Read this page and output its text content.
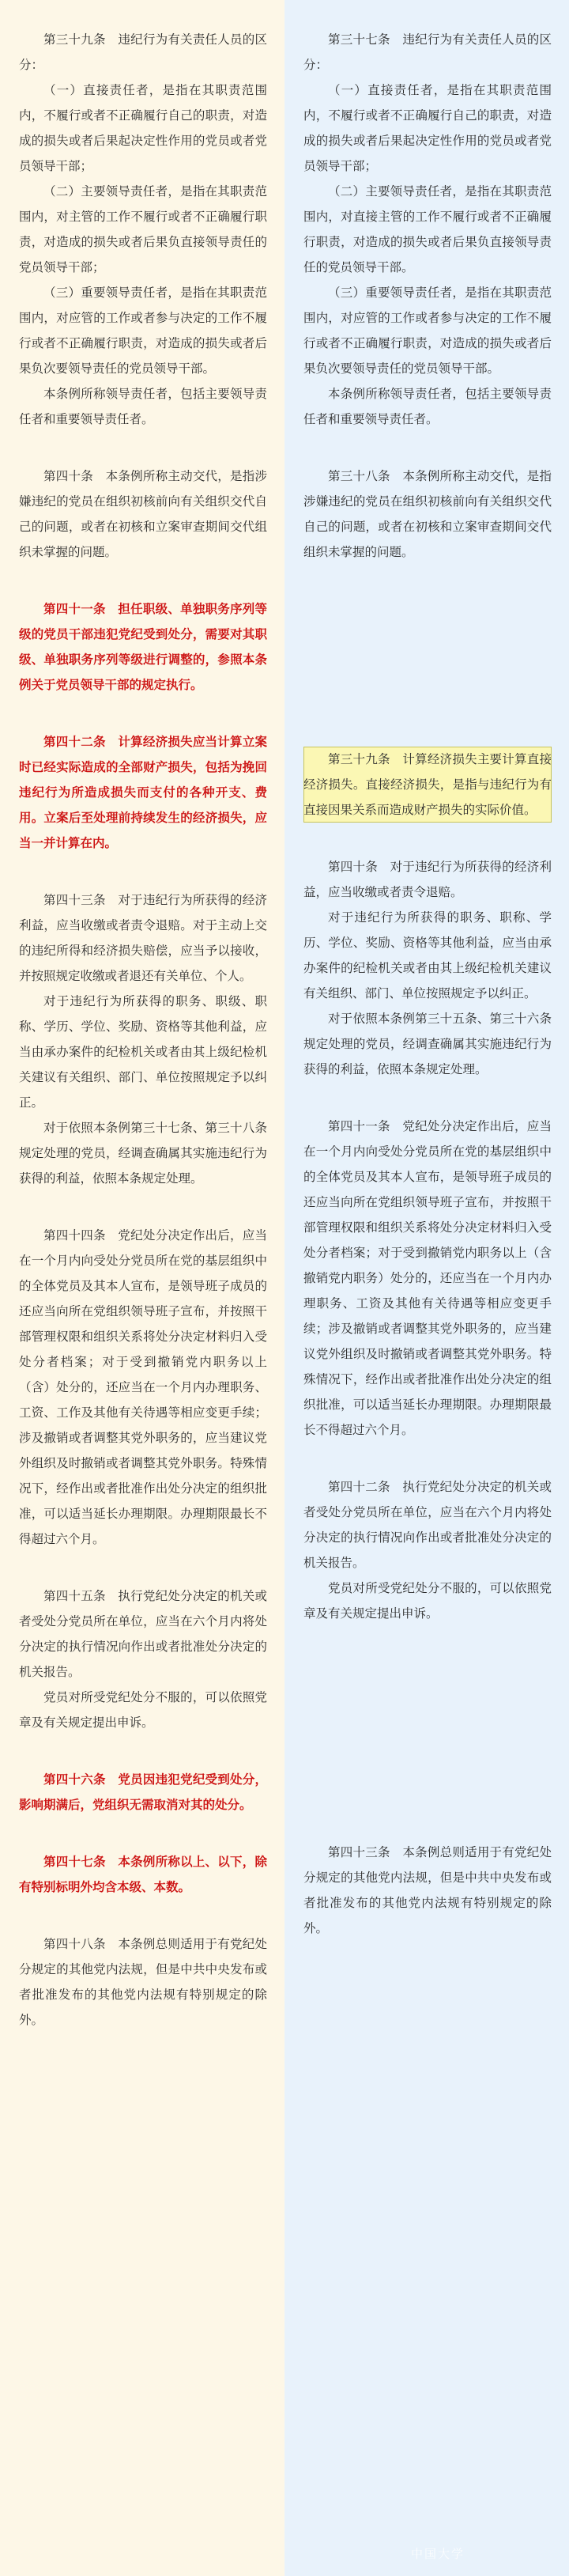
第三十九条　违纪行为有关责任人员的区分：

（一）直接责任者，是指在其职责范围内，不履行或者不正确履行自己的职责，对造成的损失或者后果起决定性作用的党员或者党员领导干部；

（二）主要领导责任者，是指在其职责范围内，对主管的工作不履行或者不正确履行职责，对造成的损失或者后果负直接领导责任的党员领导干部；

（三）重要领导责任者，是指在其职责范围内，对应管的工作或者参与决定的工作不履行或者不正确履行职责，对造成的损失或者后果负次要领导责任的党员领导干部。

本条例所称领导责任者，包括主要领导责任者和重要领导责任者。

第四十条　本条例所称主动交代，是指涉嫌违纪的党员在组织初核前向有关组织交代自己的问题，或者在初核和立案审查期间交代组织未掌握的问题。

第四十一条　担任职级、单独职务序列等级的党员干部违犯党纪受到处分，需要对其职级、单独职务序列等级进行调整的，参照本条例关于党员领导干部的规定执行。

第四十二条　计算经济损失应当计算立案时已经实际造成的全部财产损失，包括为挽回违纪行为所造成损失而支付的各种开支、费用。立案后至处理前持续发生的经济损失，应当一并计算在内。

第四十三条　对于违纪行为所获得的经济利益，应当收缴或者责令退赔。对于主动上交的违纪所得和经济损失赔偿，应当予以接收，并按照规定收缴或者退还有关单位、个人。

对于违纪行为所获得的职务、职级、职称、学历、学位、奖励、资格等其他利益，应当由承办案件的纪检机关或者由其上级纪检机关建议有关组织、部门、单位按照规定予以纠正。

对于依照本条例第三十七条、第三十八条规定处理的党员，经调查确属其实施违纪行为获得的利益，依照本条规定处理。

第四十四条　党纪处分决定作出后，应当在一个月内向受处分党员所在党的基层组织中的全体党员及其本人宣布，是领导班子成员的还应当向所在党组织领导班子宣布，并按照干部管理权限和组织关系将处分决定材料归入受处分者档案；对于受到撤销党内职务以上（含）处分的，还应当在一个月内办理职务、工资、工作及其他有关待遇等相应变更手续；涉及撤销或者调整其党外职务的，应当建议党外组织及时撤销或者调整其党外职务。特殊情况下，经作出或者批准作出处分决定的组织批准，可以适当延长办理期限。办理期限最长不得超过六个月。

第四十五条　执行党纪处分决定的机关或者受处分党员所在单位，应当在六个月内将处分决定的执行情况向作出或者批准处分决定的机关报告。

党员对所受党纪处分不服的，可以依照党章及有关规定提出申诉。

第四十六条　党员因违犯党纪受到处分，影响期满后，党组织无需取消对其的处分。

第四十七条　本条例所称以上、以下，除有特别标明外均含本级、本数。

第四十八条　本条例总则适用于有党纪处分规定的其他党内法规，但是中共中央发布或者批准发布的其他党内法规有特别规定的除外。

第三十七条　违纪行为有关责任人员的区分：

（一）直接责任者，是指在其职责范围内，不履行或者不正确履行自己的职责，对造成的损失或者后果起决定性作用的党员或者党员领导干部；

（二）主要领导责任者，是指在其职责范围内，对直接主管的工作不履行或者不正确履行职责，对造成的损失或者后果负直接领导责任的党员领导干部。

（三）重要领导责任者，是指在其职责范围内，对应管的工作或者参与决定的工作不履行或者不正确履行职责，对造成的损失或者后果负次要领导责任的党员领导干部。

本条例所称领导责任者，包括主要领导责任者和重要领导责任者。

第三十八条　本条例所称主动交代，是指涉嫌违纪的党员在组织初核前向有关组织交代自己的问题，或者在初核和立案审查期间交代组织未掌握的问题。

第三十九条　计算经济损失主要计算直接经济损失。直接经济损失，是指与违纪行为有直接因果关系而造成财产损失的实际价值。

第四十条　对于违纪行为所获得的经济利益，应当收缴或者责令退赔。

对于违纪行为所获得的职务、职称、学历、学位、奖励、资格等其他利益，应当由承办案件的纪检机关或者由其上级纪检机关建议有关组织、部门、单位按照规定予以纠正。

对于依照本条例第三十五条、第三十六条规定处理的党员，经调查确属其实施违纪行为获得的利益，依照本条规定处理。

第四十一条　党纪处分决定作出后，应当在一个月内向受处分党员所在党的基层组织中的全体党员及其本人宣布，是领导班子成员的还应当向所在党组织领导班子宣布，并按照干部管理权限和组织关系将处分决定材料归入受处分者档案；对于受到撤销党内职务以上（含撤销党内职务）处分的，还应当在一个月内办理职务、工资及其他有关待遇等相应变更手续；涉及撤销或者调整其党外职务的，应当建议党外组织及时撤销或者调整其党外职务。特殊情况下，经作出或者批准作出处分决定的组织批准，可以适当延长办理期限。办理期限最长不得超过六个月。

第四十二条　执行党纪处分决定的机关或者受处分党员所在单位，应当在六个月内将处分决定的执行情况向作出或者批准处分决定的机关报告。

党员对所受党纪处分不服的，可以依照党章及有关规定提出申诉。

第四十三条　本条例总则适用于有党纪处分规定的其他党内法规，但是中共中央发布或者批准发布的其他党内法规有特别规定的除外。

中国大学
